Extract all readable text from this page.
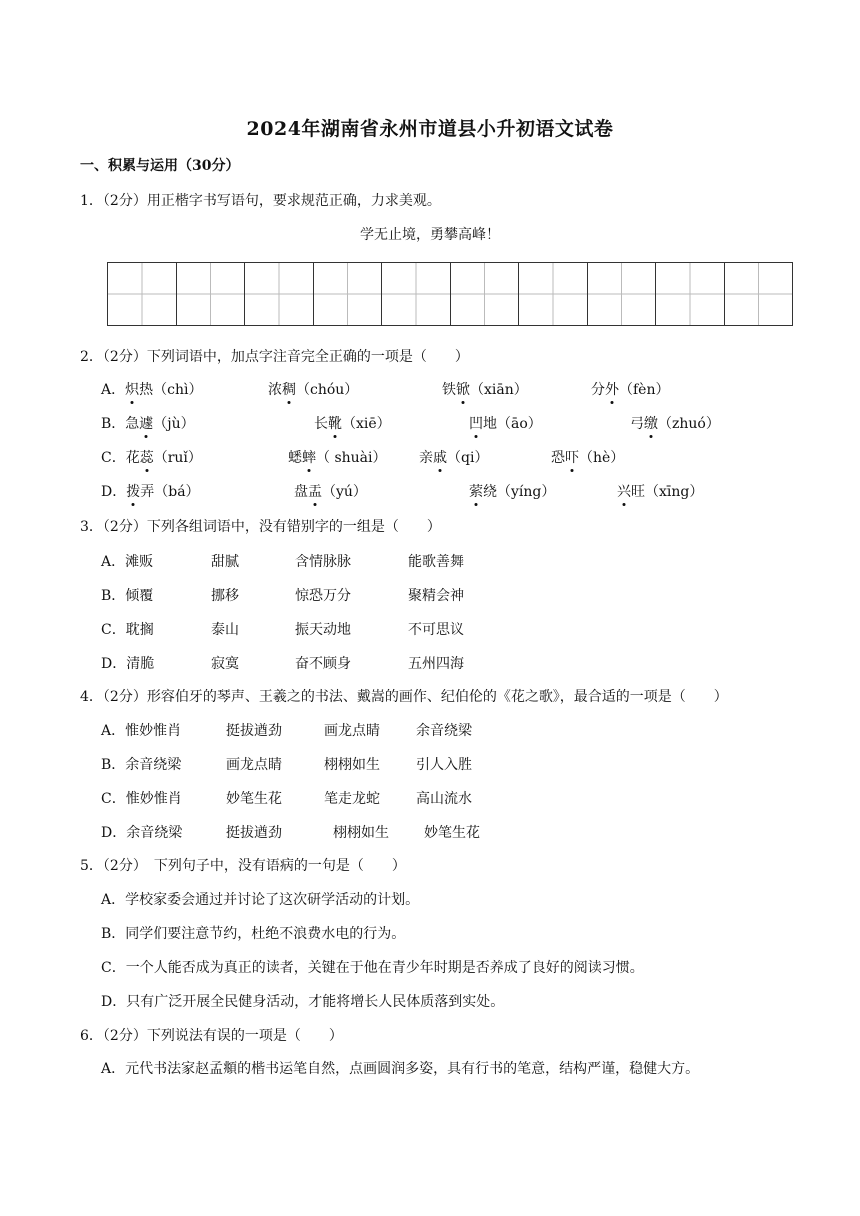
2024年湖南省永州市道县小升初语文试卷
一、积累与运用（30分）
1．（2分）用正楷字书写语句，要求规范正确，力求美观。
学无止境，勇攀高峰！
2．（2分）下列词语中，加点字注音完全正确的一项是（　　）
A．炽热（chì）	浓稠（chóu）	铁锨（xiān）	分外（fèn）
B．急遽（jù）	长靴（xiē）	凹地（āo）	弓缴（zhuó）
C．花蕊（ruǐ）	蟋蟀（ shuài） 亲戚（qi）	恐吓（hè）
D．拨弄（bá）	盘盂（yú）	萦绕（yíng）	兴旺（xīng）
3．（2分）下列各组词语中，没有错别字的一组是（　　）
A．滩贩	甜腻	含情脉脉	能歌善舞
B．倾覆	挪移	惊恐万分	聚精会神
C．耽搁	泰山	振天动地	不可思议
D．清脆	寂寞	奋不顾身	五州四海
4．（2分）形容伯牙的琴声、王羲之的书法、戴嵩的画作、纪伯伦的《花之歌》，最合适的一项是（　　）
A．惟妙惟肖	挺拔遒劲	画龙点睛	余音绕梁
B．余音绕梁	画龙点睛	栩栩如生	引人入胜
C．惟妙惟肖	妙笔生花	笔走龙蛇	高山流水
D．余音绕梁	挺拔遒劲	栩栩如生	妙笔生花
5．（2分）　下列句子中，没有语病的一句是（　　）
A．学校家委会通过并讨论了这次研学活动的计划。
B．同学们要注意节约，杜绝不浪费水电的行为。
C．一个人能否成为真正的读者，关键在于他在青少年时期是否养成了良好的阅读习惯。
D．只有广泛开展全民健身活动，才能将增长人民体质落到实处。
6．（2分）下列说法有误的一项是（　　）
A．元代书法家赵孟頫的楷书运笔自然，点画圆润多姿，具有行书的笔意，结构严谨，稳健大方。
